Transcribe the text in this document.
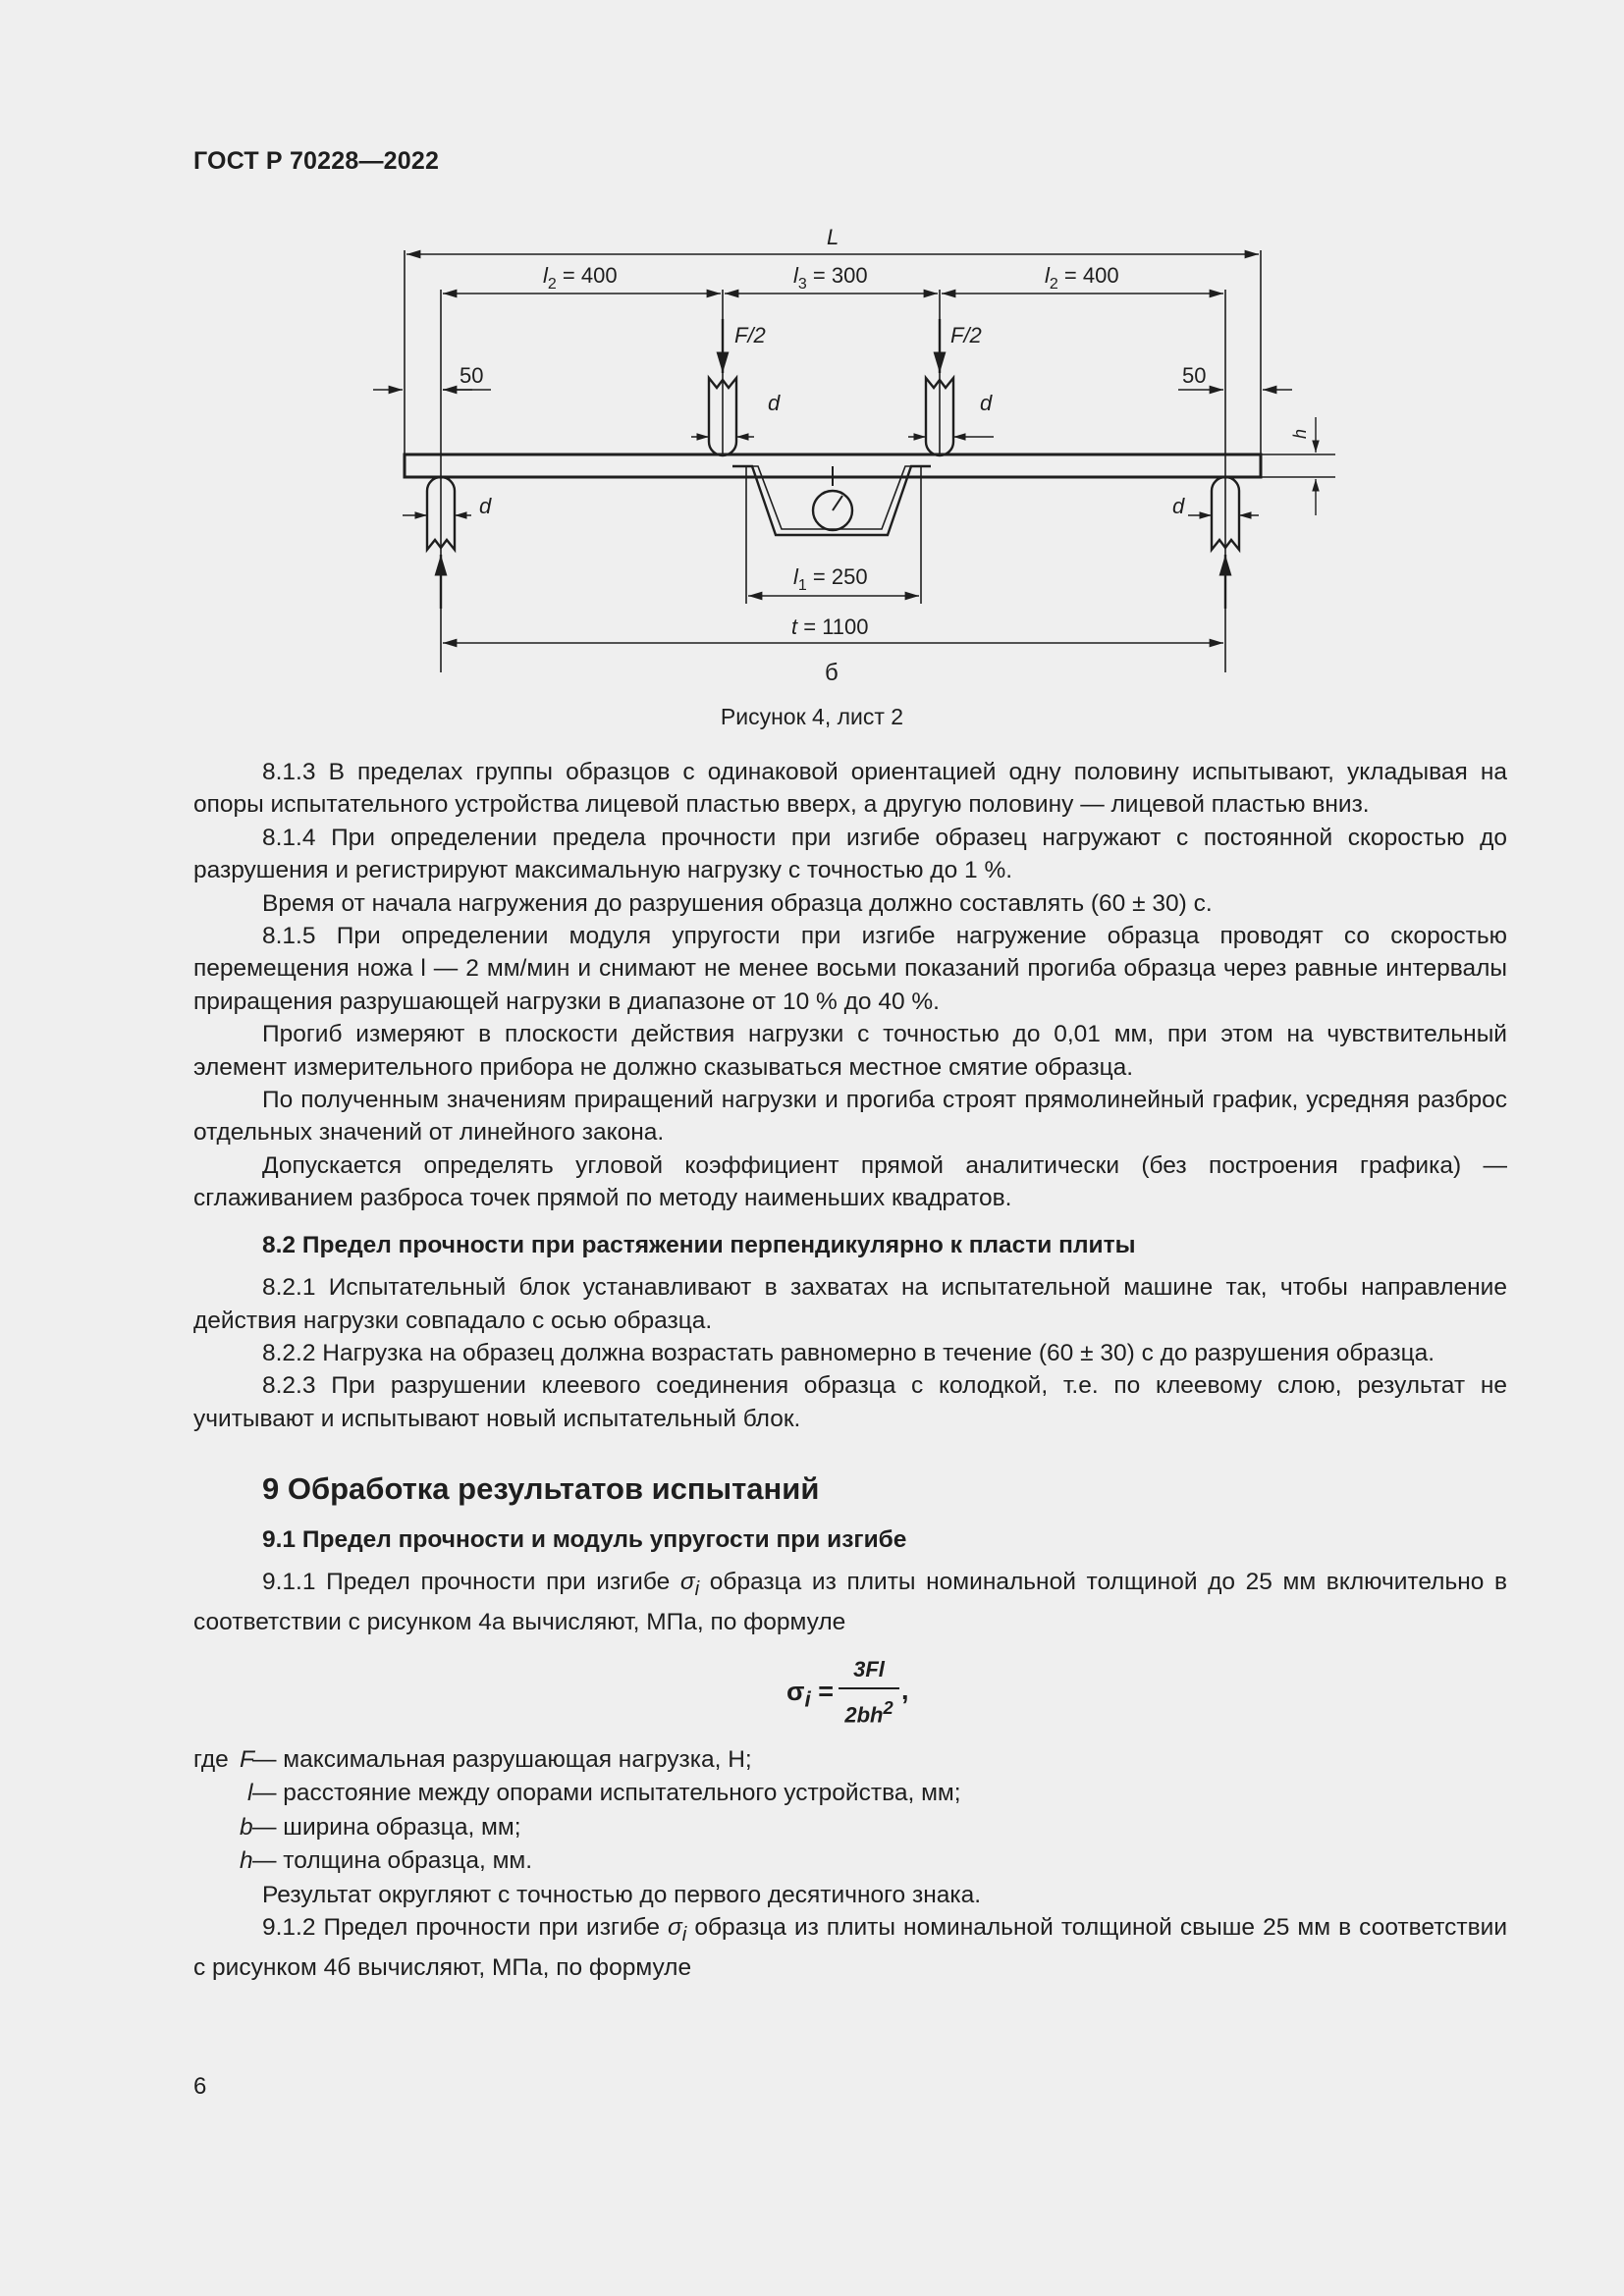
ГОСТ Р 70228—2022
L
$l_2 = 400$	$l_3 = 300$	$l_2 = 400$
F/2	F/2
50	50
d	d
d	d
h
$l_1 = 250$
t = 1100
б
Рисунок 4, лист 2

8.1.3 В пределах группы образцов с одинаковой ориентацией одну половину испытывают, укладывая на опоры испытательного устройства лицевой пластью вверх, а другую половину — лицевой пластью вниз.

8.1.4 При определении предела прочности при изгибе образец нагружают с постоянной скоростью до разрушения и регистрируют максимальную нагрузку с точностью до 1 %.

Время от начала нагружения до разрушения образца должно составлять (60 ± 30) с.

8.1.5 При определении модуля упругости при изгибе нагружение образца проводят со скоростью перемещения ножа l — 2 мм/мин и снимают не менее восьми показаний прогиба образца через равные интервалы приращения разрушающей нагрузки в диапазоне от 10 % до 40 %.

Прогиб измеряют в плоскости действия нагрузки с точностью до 0,01 мм, при этом на чувствительный элемент измерительного прибора не должно сказываться местное смятие образца.

По полученным значениям приращений нагрузки и прогиба строят прямолинейный график, усредняя разброс отдельных значений от линейного закона.

Допускается определять угловой коэффициент прямой аналитически (без построения графика) — сглаживанием разброса точек прямой по методу наименьших квадратов.

8.2 Предел прочности при растяжении перпендикулярно к пласти плиты

8.2.1 Испытательный блок устанавливают в захватах на испытательной машине так, чтобы направление действия нагрузки совпадало с осью образца.

8.2.2 Нагрузка на образец должна возрастать равномерно в течение (60 ± 30) с до разрушения образца.

8.2.3 При разрушении клеевого соединения образца с колодкой, т.е. по клеевому слою, результат не учитывают и испытывают новый испытательный блок.

9 Обработка результатов испытаний

9.1 Предел прочности и модуль упругости при изгибе

9.1.1 Предел прочности при изгибе $\sigma_i$ образца из плиты номинальной толщиной до 25 мм включительно в соответствии с рисунком 4а вычисляют, МПа, по формуле

$\sigma_i = \frac{3Fl}{2bh^2}$ ,
где F
— максимальная разрушающая нагрузка, Н;
l — расстояние между опорами испытательного устройства, мм;
b — ширина образца, мм;
h — толщина образца, мм.

Результат округляют с точностью до первого десятичного знака.

9.1.2 Предел прочности при изгибе $\sigma_i$ образца из плиты номинальной толщиной свыше 25 мм в соответствии с рисунком 4б вычисляют, МПа, по формуле

6
